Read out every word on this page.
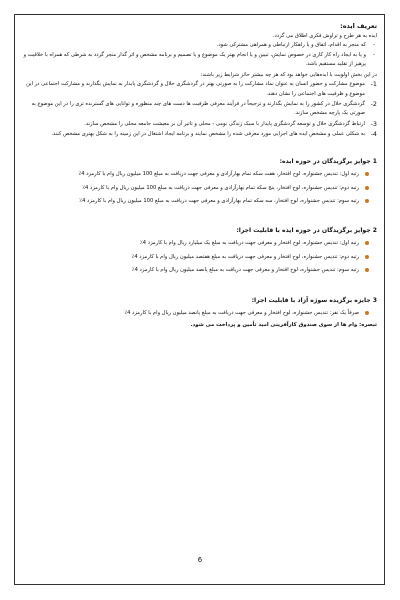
تعریف ایده:

ایده به هر طرح و تراوش فکری اطلاق می گردد.

-
که منجر به اقدام، اتفاق و یا راهکار ارتباطی و همراهی مشترکی شود.
-
و یا به ایجاد راه کار کاری در خصوص نمایش، تبیین و یا انجام بهتر یک موضوع و یا تصمیم و برنامه مشخص و اثر گذار منجر گردد به شرطی که همراه با خلاقیت و پرهیز از تقلید مستقیم باشد.

در این بخش اولویت با ایده‌هایی خواهد بود که هر چه بیشتر حائز شرایط زیر باشند:

1-
موضوع مشارکت و حضور انسان به عنوان نماد مشارکت را به صورتی بهتر در گردشگری حلال و گردشگری پایدار به نمایش بگذارند و مشارکت اجتماعی در این موضوع و ظرفیت های اجتماعی را نشان دهند.
2-
گردشگری حلال در کشور را به نمایش بگذارند و ترجیحاً در فرآیند معرفی ظرفیت ها دست های چند منظوره و توانایی های گسترنده تری را در این موضوع به صورتی یک پارچه مشخص سازند.
3-
ارتباط گردشگری حلال و توسعه گردشگری پایدار با سبک زندگی بومی - محلی و تاثیر آن بر معیشت جامعه محلی را مشخص سازند.
4-
به شکلی عملی و مشخص ایده های اجرایی مورد معرفی شده را مشخص نمایند و برنامه ایجاد اشتغال در این زمینه را به شکل بهتری مشخص کنند.

1 جوایز برگزیدگان در حوزه ایده:

رتبه اول: تندیس جشنواره، لوح افتخار، هفت سکه تمام بهارآزادی و معرفی جهت دریافت به مبلغ 100 میلیون ریال وام با کارمزد 4٪
رتبه دوم: تندیس جشنواره، لوح افتخار، پنج سکه تمام بهارآزادی و معرفی جهت دریافت به مبلغ 100 میلیون ریال وام با کارمزد 4٪
رتبه سوم: تندیس جشنواره، لوح افتخار، سه سکه تمام بهارآزادی و معرفی جهت دریافت به مبلغ 100 میلیون ریال وام با کارمزد 4٪

2 جوایز برگزیدگان در حوزه ایده با قابلیت اجرا:

رتبه اول: تندیس جشنواره، لوح افتخار و معرفی جهت دریافت به مبلغ یک میلیارد ریال وام با کارمزد 4٪
رتبه دوم: تندیس جشنواره، لوح افتخار و معرفی جهت دریافت به مبلغ هفتصد میلیون ریال وام با کارمزد 4٪
رتبه سوم: تندیس جشنواره، لوح افتخار و معرفی جهت دریافت به مبلغ پانصد میلیون ریال وام با کارمزد 4٪

3 جایزه برگزیده سوژه آزاد با قابلیت اجرا:

صرفاً یک نفر: تندیس جشنواره، لوح افتخار و معرفی جهت دریافت به مبلغ پانصد میلیون ریال وام با کارمزد 4٪

تبصره: وام ها از سوی صندوق کارآفرینی امید تأمین و پرداخت می شود.

6
